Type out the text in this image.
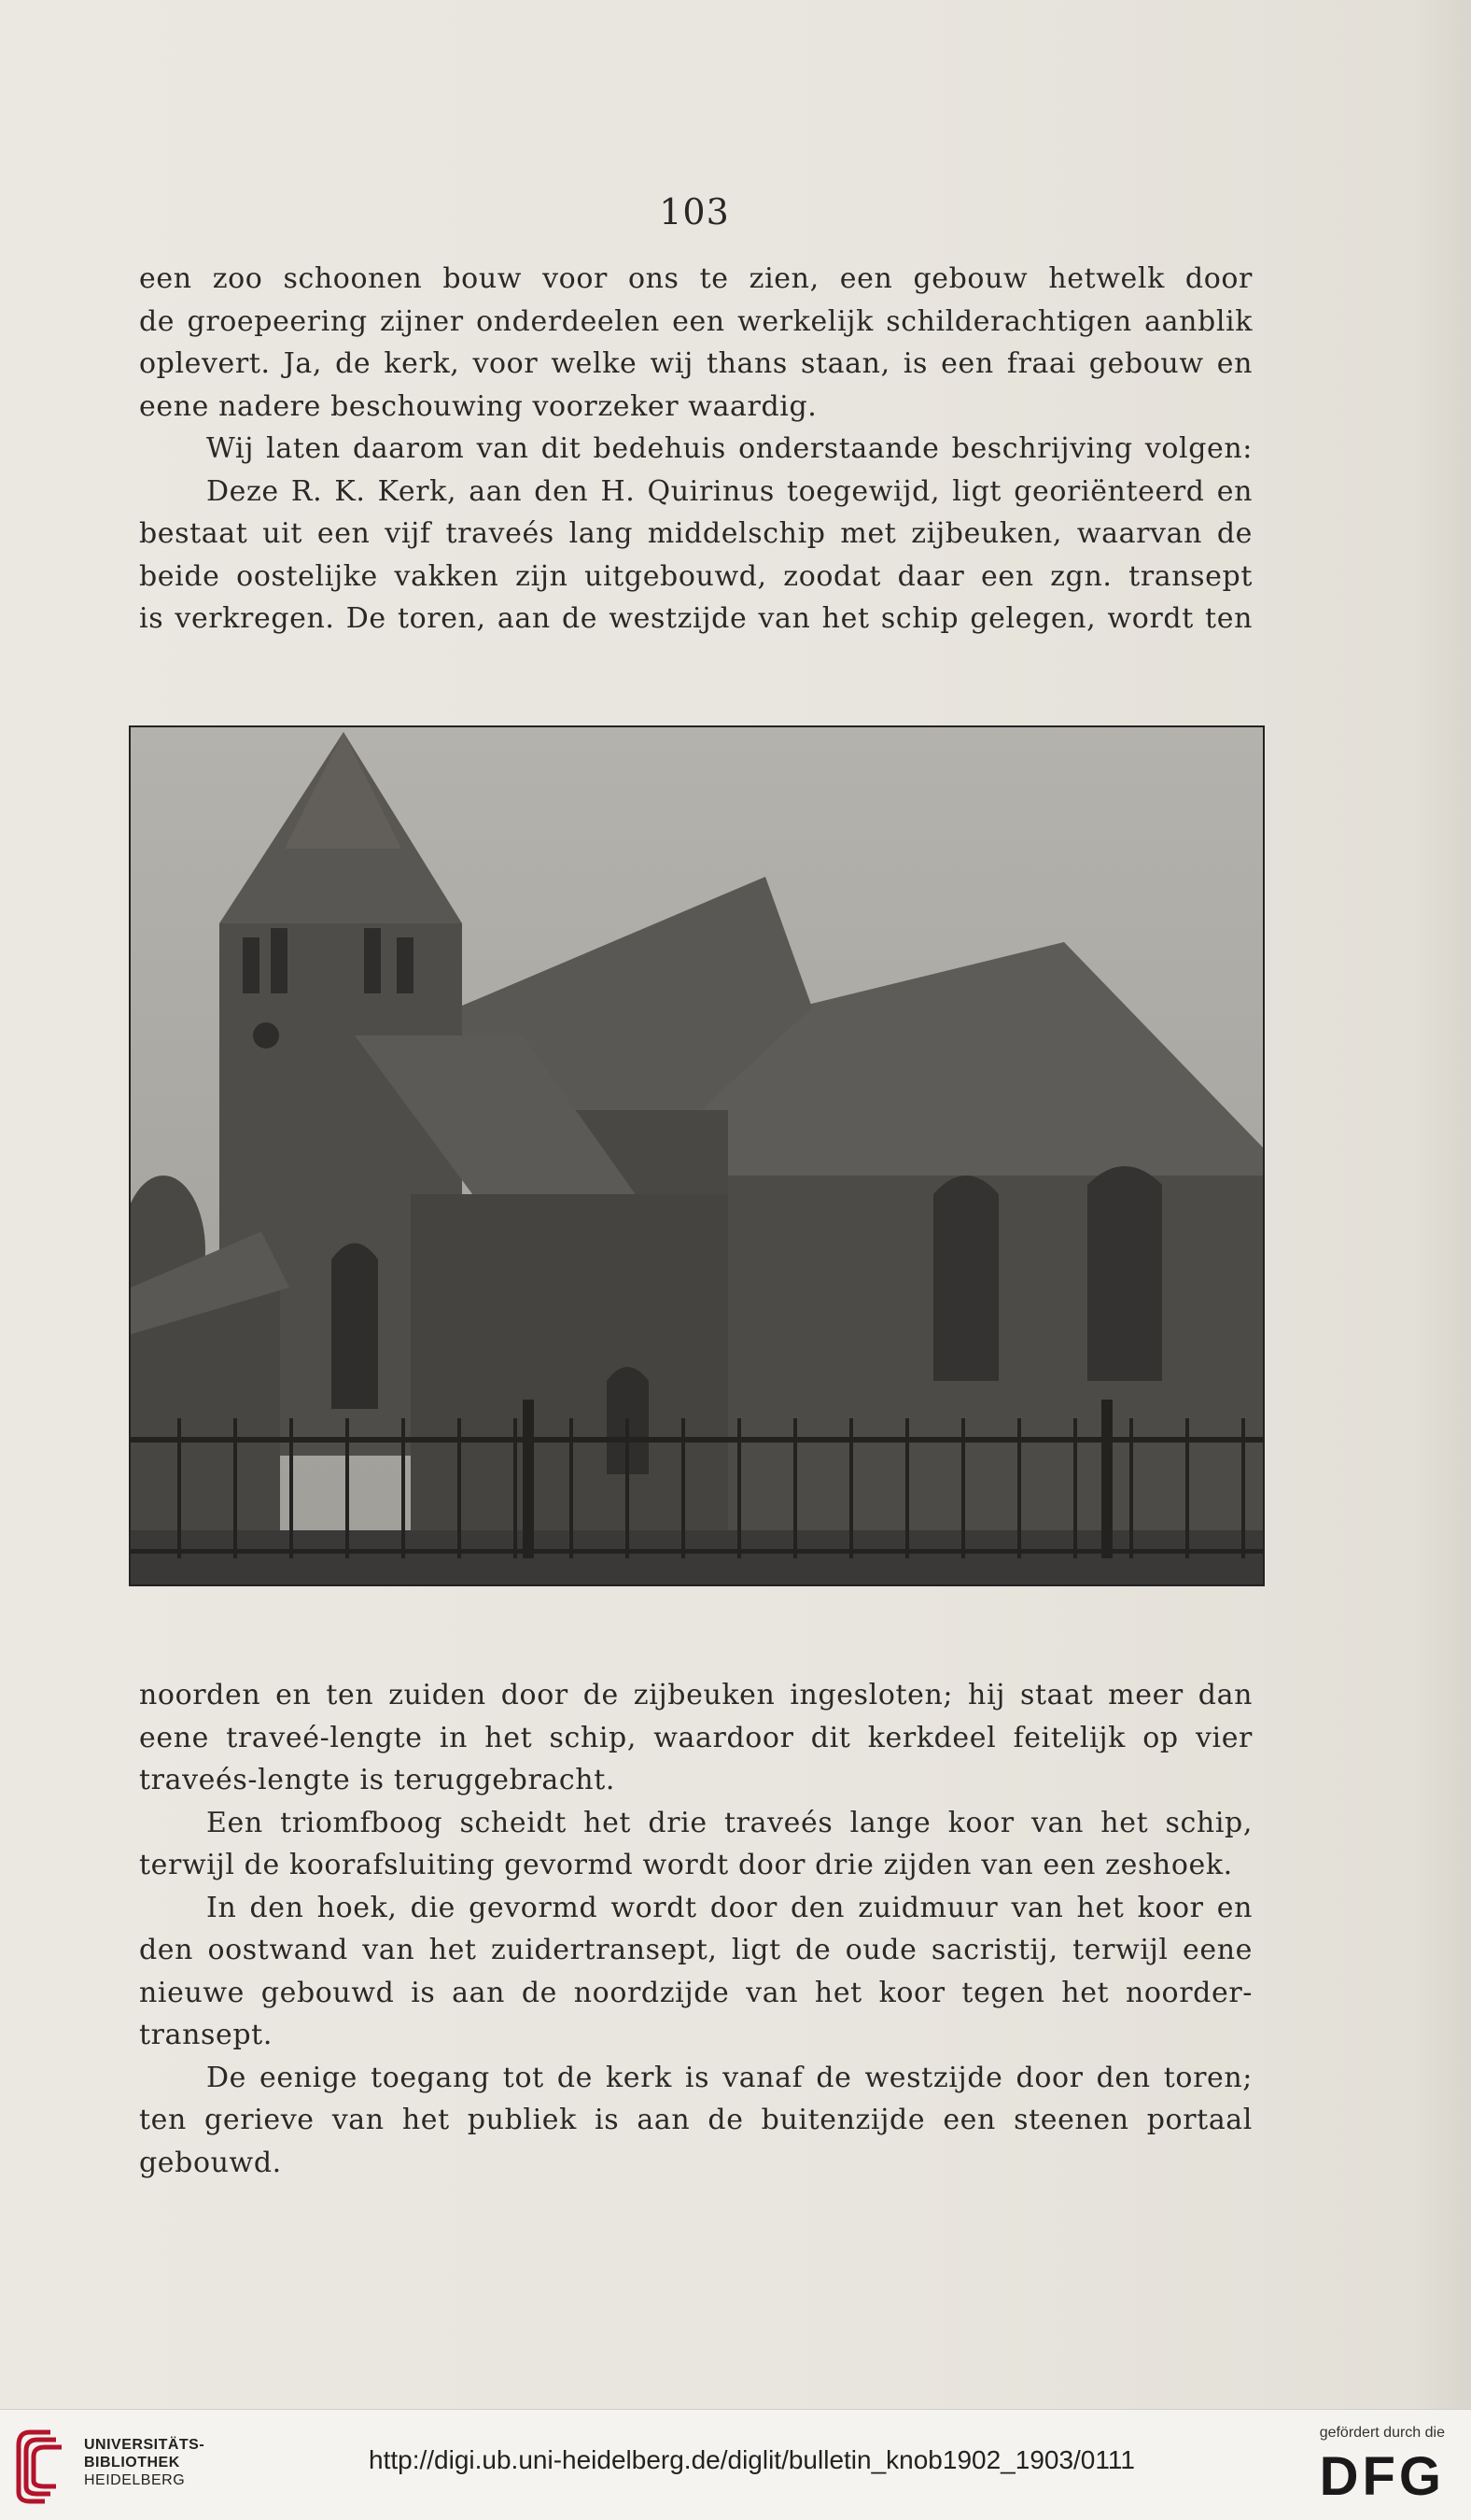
103

een zoo schoonen bouw voor ons te zien, een gebouw hetwelk door

de groepeering zijner onderdeelen een werkelijk schilderachtigen aanblik

oplevert. Ja, de kerk, voor welke wij thans staan, is een fraai gebouw en

eene nadere beschouwing voorzeker waardig.

Wij laten daarom van dit bedehuis onderstaande beschrijving volgen:

Deze R. K. Kerk, aan den H. Quirinus toegewijd, ligt georiënteerd en

bestaat uit een vijf traveés lang middelschip met zijbeuken, waarvan de

beide oostelijke vakken zijn uitgebouwd, zoodat daar een zgn. transept

is verkregen. De toren, aan de westzijde van het schip gelegen, wordt ten

noorden en ten zuiden door de zijbeuken ingesloten; hij staat meer dan

eene traveé-lengte in het schip, waardoor dit kerkdeel feitelijk op vier

traveés-lengte is teruggebracht.

Een triomfboog scheidt het drie traveés lange koor van het schip,

terwijl de koorafsluiting gevormd wordt door drie zijden van een zeshoek.

In den hoek, die gevormd wordt door den zuidmuur van het koor en

den oostwand van het zuidertransept, ligt de oude sacristij, terwijl eene

nieuwe gebouwd is aan de noordzijde van het koor tegen het noorder-

transept.

De eenige toegang tot de kerk is vanaf de westzijde door den toren;

ten gerieve van het publiek is aan de buitenzijde een steenen portaal gebouwd.

UNIVERSITÄTS-
BIBLIOTHEK
HEIDELBERG
http://digi.ub.uni-heidelberg.de/diglit/bulletin_knob1902_1903/0111
gefördert durch die
DFG
